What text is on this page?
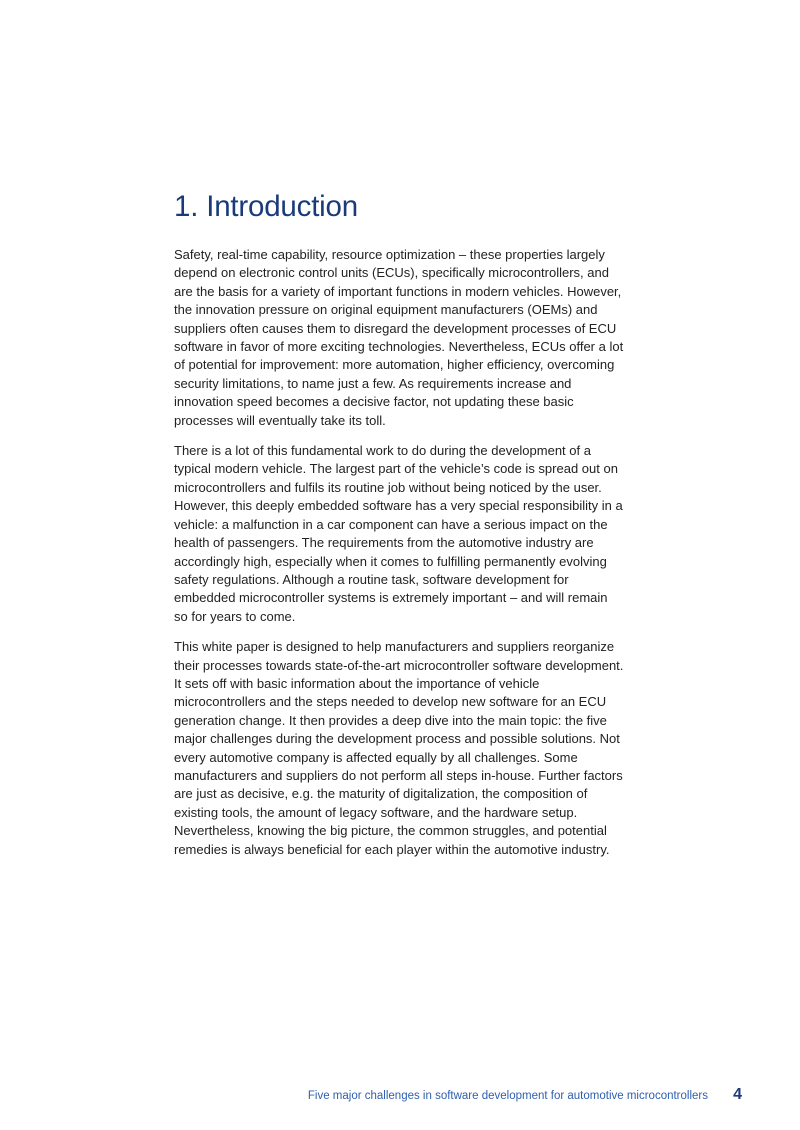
1. Introduction

Safety, real-time capability, resource optimization – these properties largely depend on electronic control units (ECUs), specifically microcontrollers, and are the basis for a variety of important functions in modern vehicles. However, the innovation pressure on original equipment manufacturers (OEMs) and suppliers often causes them to disregard the development processes of ECU software in favor of more exciting technologies. Nevertheless, ECUs offer a lot of potential for improvement: more automation, higher efficiency, overcoming security limitations, to name just a few. As requirements increase and innovation speed becomes a decisive factor, not updating these basic processes will eventually take its toll.

There is a lot of this fundamental work to do during the development of a typical modern vehicle. The largest part of the vehicle’s code is spread out on microcontrollers and fulfils its routine job without being noticed by the user. However, this deeply embedded software has a very special responsibility in a vehicle: a malfunction in a car component can have a serious impact on the health of passengers. The requirements from the automotive industry are accordingly high, especially when it comes to fulfilling permanently evolving safety regulations. Although a routine task, software development for embedded microcontroller systems is extremely important – and will remain so for years to come.

This white paper is designed to help manufacturers and suppliers reorganize their processes towards state-of-the-art microcontroller software development. It sets off with basic information about the importance of vehicle microcontrollers and the steps needed to develop new software for an ECU generation change. It then provides a deep dive into the main topic: the five major challenges during the development process and possible solutions. Not every automotive company is affected equally by all challenges. Some manufacturers and suppliers do not perform all steps in-house. Further factors are just as decisive, e.g. the maturity of digitalization, the composition of existing tools, the amount of legacy software, and the hardware setup. Nevertheless, knowing the big picture, the common struggles, and potential remedies is always beneficial for each player within the automotive industry.

Five major challenges in software development for automotive microcontrollers 4
